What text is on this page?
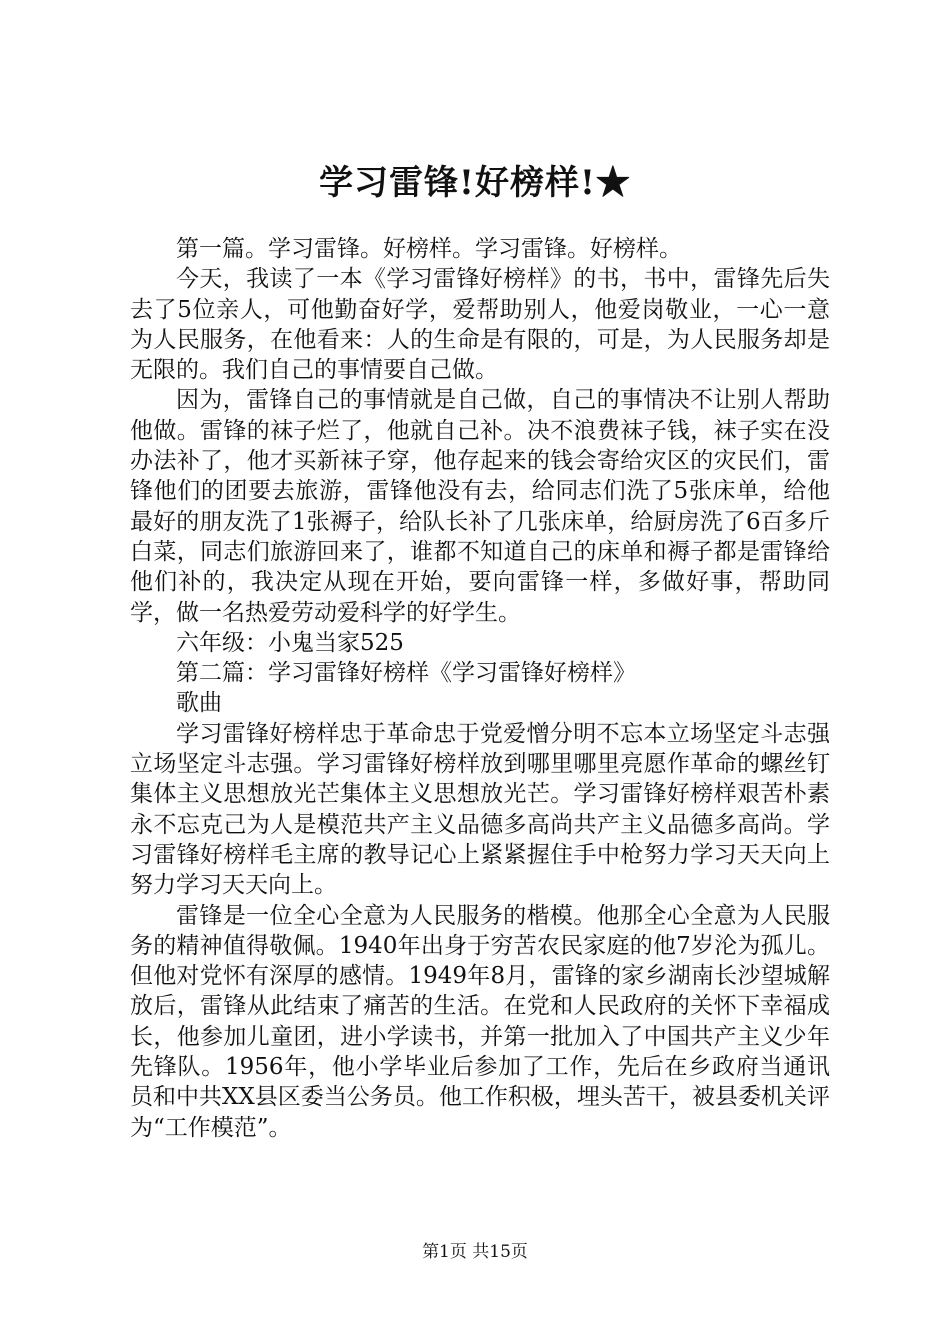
学习雷锋!好榜样!★

第一篇。学习雷锋。好榜样。学习雷锋。好榜样。

今天，我读了一本《学习雷锋好榜样》的书，书中，雷锋先后失去了5位亲人，可他勤奋好学，爱帮助别人，他爱岗敬业，一心一意为人民服务，在他看来：人的生命是有限的，可是，为人民服务却是无限的。我们自己的事情要自己做。

因为，雷锋自己的事情就是自己做，自己的事情决不让别人帮助他做。雷锋的袜子烂了，他就自己补。决不浪费袜子钱，袜子实在没办法补了，他才买新袜子穿，他存起来的钱会寄给灾区的灾民们，雷锋他们的团要去旅游，雷锋他没有去，给同志们洗了5张床单，给他最好的朋友洗了1张褥子，给队长补了几张床单，给厨房洗了6百多斤白菜，同志们旅游回来了，谁都不知道自己的床单和褥子都是雷锋给他们补的，我决定从现在开始，要向雷锋一样，多做好事，帮助同学，做一名热爱劳动爱科学的好学生。

六年级：小鬼当家525

第二篇：学习雷锋好榜样《学习雷锋好榜样》

歌曲

学习雷锋好榜样忠于革命忠于党爱憎分明不忘本立场坚定斗志强立场坚定斗志强。学习雷锋好榜样放到哪里哪里亮愿作革命的螺丝钉集体主义思想放光芒集体主义思想放光芒。学习雷锋好榜样艰苦朴素永不忘克己为人是模范共产主义品德多高尚共产主义品德多高尚。学习雷锋好榜样毛主席的教导记心上紧紧握住手中枪努力学习天天向上努力学习天天向上。

雷锋是一位全心全意为人民服务的楷模。他那全心全意为人民服务的精神值得敬佩。1940年出身于穷苦农民家庭的他7岁沦为孤儿。但他对党怀有深厚的感情。1949年8月，雷锋的家乡湖南长沙望城解放后，雷锋从此结束了痛苦的生活。在党和人民政府的关怀下幸福成长，他参加儿童团，进小学读书，并第一批加入了中国共产主义少年先锋队。1956年，他小学毕业后参加了工作，先后在乡政府当通讯员和中共XX县区委当公务员。他工作积极，埋头苦干，被县委机关评为“工作模范”。

第1页 共15页
